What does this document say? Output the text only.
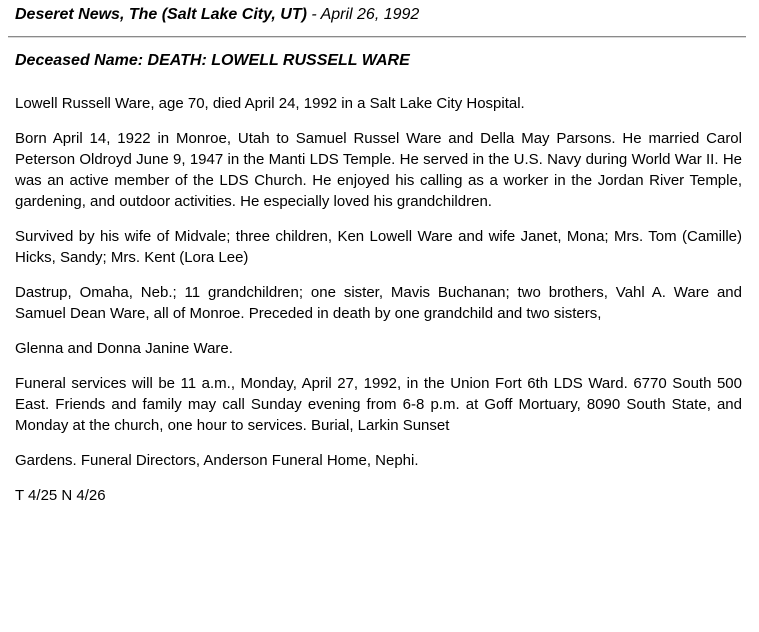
Deseret News, The (Salt Lake City, UT) - April 26, 1992
Deceased Name: DEATH: LOWELL RUSSELL WARE

Lowell Russell Ware, age 70, died April 24, 1992 in a Salt Lake City Hospital.

Born April 14, 1922 in Monroe, Utah to Samuel Russel Ware and Della May Parsons. He married Carol Peterson Oldroyd June 9, 1947 in the Manti LDS Temple. He served in the U.S. Navy during World War II. He was an active member of the LDS Church. He enjoyed his calling as a worker in the Jordan River Temple, gardening, and outdoor activities. He especially loved his grandchildren.

Survived by his wife of Midvale; three children, Ken Lowell Ware and wife Janet, Mona; Mrs. Tom (Camille) Hicks, Sandy; Mrs. Kent (Lora Lee)

Dastrup, Omaha, Neb.; 11 grandchildren; one sister, Mavis Buchanan; two brothers, Vahl A. Ware and Samuel Dean Ware, all of Monroe. Preceded in death by one grandchild and two sisters,

Glenna and Donna Janine Ware.

Funeral services will be 11 a.m., Monday, April 27, 1992, in the Union Fort 6th LDS Ward. 6770 South 500 East. Friends and family may call Sunday evening from 6-8 p.m. at Goff Mortuary, 8090 South State, and Monday at the church, one hour to services. Burial, Larkin Sunset

Gardens. Funeral Directors, Anderson Funeral Home, Nephi.

T 4/25 N 4/26
